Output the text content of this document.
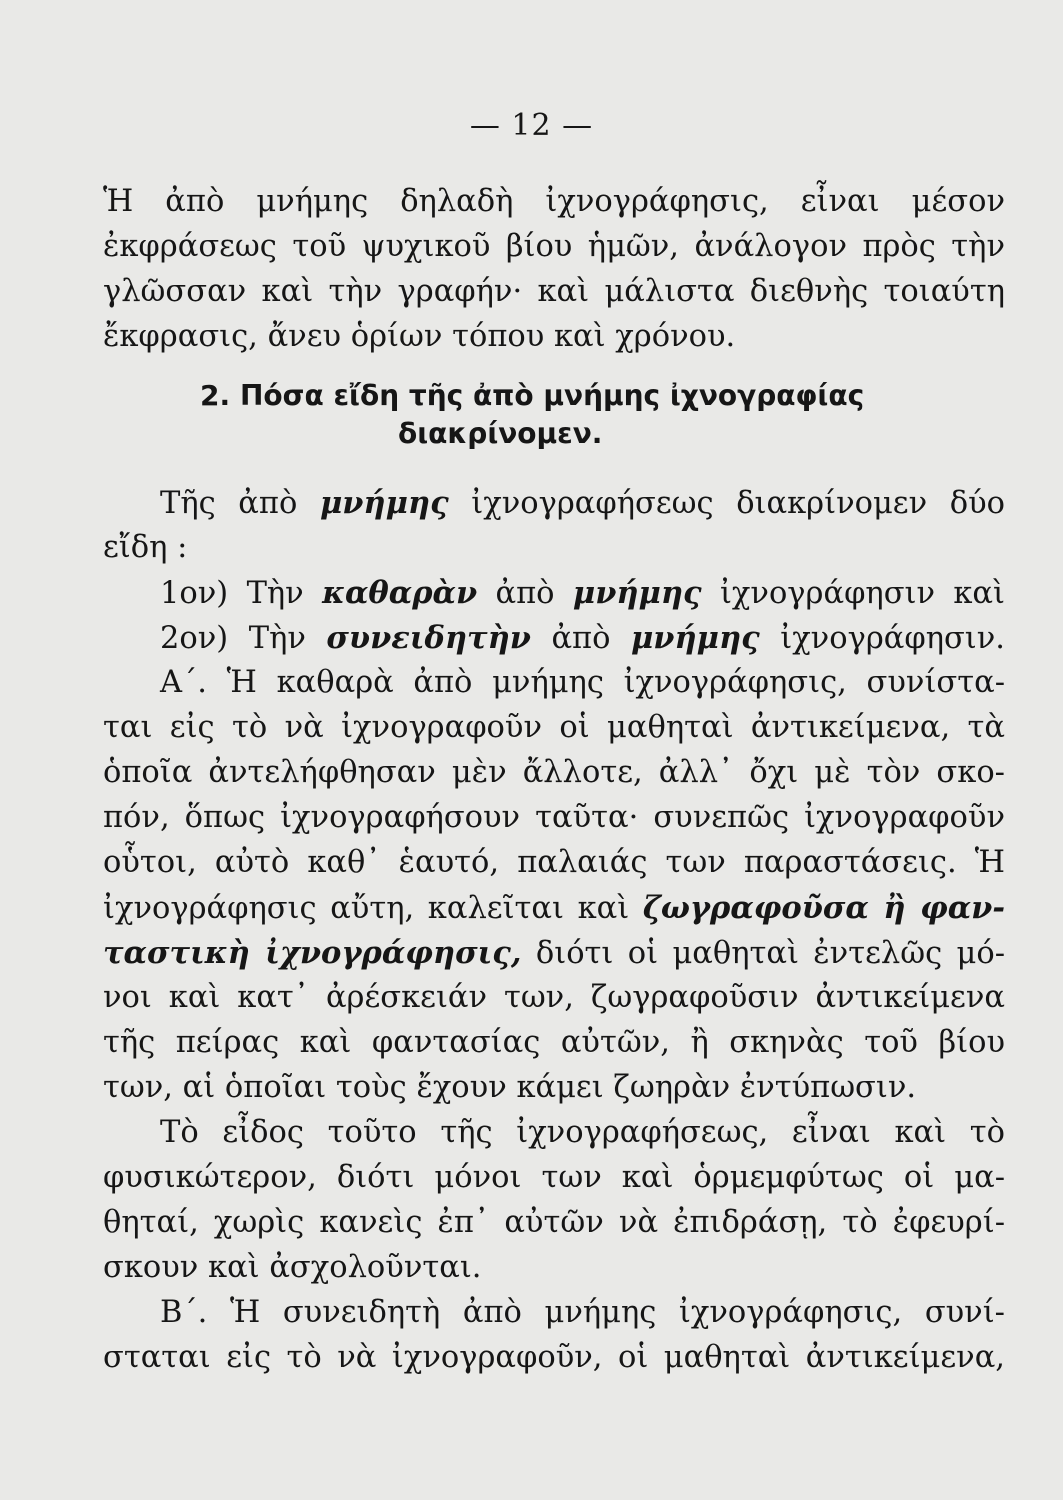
— 12 —
Ἡ ἀπὸ μνήμης δηλαδὴ ἰχνογράφησις, εἶναι μέσον
ἐκφράσεως τοῦ ψυχικοῦ βίου ἡμῶν, ἀνάλογον πρὸς τὴν
γλῶσσαν καὶ τὴν γραφήν· καὶ μάλιστα διεθνὴς τοιαύτη
ἔκφρασις, ἄνευ ὁρίων τόπου καὶ χρόνου.
2. Πόσα εἴδη τῆς ἀπὸ μνήμης ἰχνογραφίας
διακρίνομεν.
Τῆς ἀπὸ μνήμης ἰχνογραφήσεως διακρίνομεν δύο
εἴδη :
1ον) Τὴν καθαρὰν ἀπὸ μνήμης ἰχνογράφησιν καὶ
2ον) Τὴν συνειδητὴν ἀπὸ μνήμης ἰχνογράφησιν.
Α΄. Ἡ καθαρὰ ἀπὸ μνήμης ἰχνογράφησις, συνίστα-
ται εἰς τὸ νὰ ἰχνογραφοῦν οἱ μαθηταὶ ἀντικείμενα, τὰ
ὁποῖα ἀντελήφθησαν μὲν ἄλλοτε, ἀλλ᾽ ὄχι μὲ τὸν σκο-
πόν, ὅπως ἰχνογραφήσουν ταῦτα· συνεπῶς ἰχνογραφοῦν
οὗτοι, αὐτὸ καθ᾽ ἑαυτό, παλαιάς των παραστάσεις. Ἡ
ἰχνογράφησις αὔτη, καλεῖται καὶ ζωγραφοῦσα ἢ φαν-
ταστικὴ ἰχνογράφησις, διότι οἱ μαθηταὶ ἐντελῶς μό-
νοι καὶ κατ᾽ ἀρέσκειάν των, ζωγραφοῦσιν ἀντικείμενα
τῆς πείρας καὶ φαντασίας αὐτῶν, ἢ σκηνὰς τοῦ βίου
των, αἱ ὁποῖαι τοὺς ἔχουν κάμει ζωηρὰν ἐντύπωσιν.
Τὸ εἶδος τοῦτο τῆς ἰχνογραφήσεως, εἶναι καὶ τὸ
φυσικώτερον, διότι μόνοι των καὶ ὁρμεμφύτως οἱ μα-
θηταί, χωρὶς κανεὶς ἐπ᾽ αὐτῶν νὰ ἐπιδράσῃ, τὸ ἐφευρί-
σκουν καὶ ἀσχολοῦνται.
Β΄. Ἡ συνειδητὴ ἀπὸ μνήμης ἰχνογράφησις, συνί-
σταται εἰς τὸ νὰ ἰχνογραφοῦν, οἱ μαθηταὶ ἀντικείμενα,
